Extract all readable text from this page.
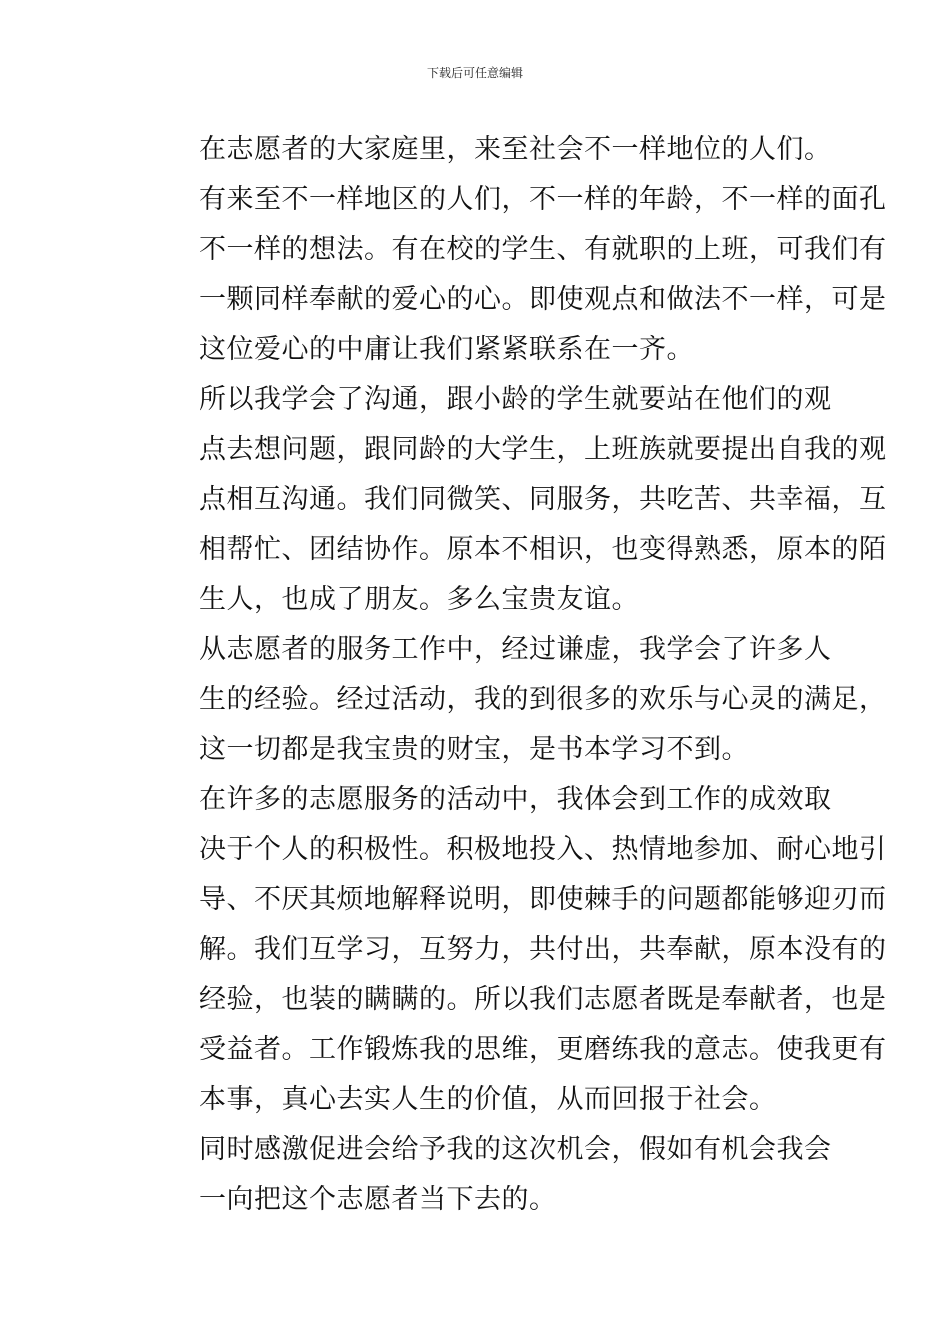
下载后可任意编辑

在志愿者的大家庭里，来至社会不一样地位的人们。
有来至不一样地区的人们，不一样的年龄，不一样的面孔
不一样的想法。有在校的学生、有就职的上班，可我们有
一颗同样奉献的爱心的心。即使观点和做法不一样，可是
这位爱心的中庸让我们紧紧联系在一齐。

所以我学会了沟通，跟小龄的学生就要站在他们的观
点去想问题，跟同龄的大学生，上班族就要提出自我的观
点相互沟通。我们同微笑、同服务，共吃苦、共幸福，互
相帮忙、团结协作。原本不相识，也变得熟悉，原本的陌
生人，也成了朋友。多么宝贵友谊。

从志愿者的服务工作中，经过谦虚，我学会了许多人
生的经验。经过活动，我的到很多的欢乐与心灵的满足，
这一切都是我宝贵的财宝，是书本学习不到。

在许多的志愿服务的活动中，我体会到工作的成效取
决于个人的积极性。积极地投入、热情地参加、耐心地引
导、不厌其烦地解释说明，即使棘手的问题都能够迎刃而
解。我们互学习，互努力，共付出，共奉献，原本没有的
经验，也装的瞒瞒的。所以我们志愿者既是奉献者，也是
受益者。工作锻炼我的思维，更磨练我的意志。使我更有
本事，真心去实人生的价值，从而回报于社会。

同时感激促进会给予我的这次机会，假如有机会我会
一向把这个志愿者当下去的。
